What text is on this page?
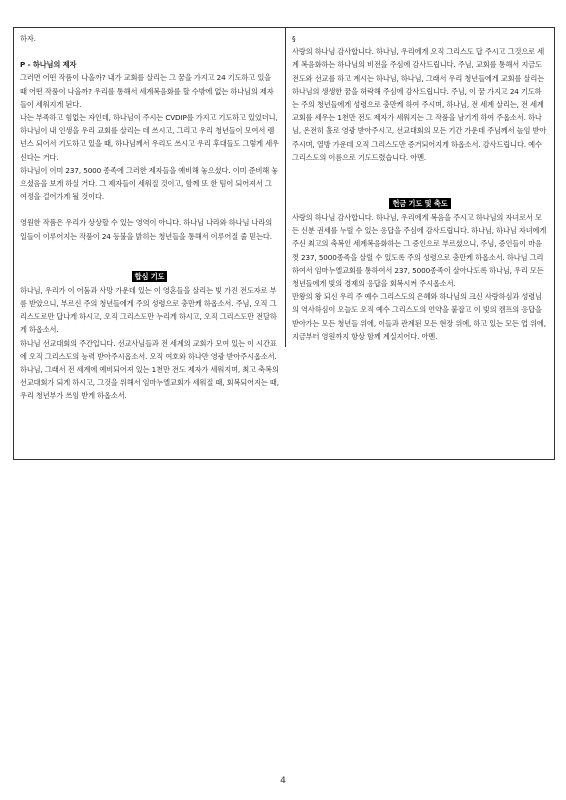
하자.

P - 하나님의 제자

그러면 어떤 작품이 나올까? 내가 교회를 살리는 그 꿈을 가지고 24 기도하고 있을 때 어떤 작품이 나올까? 우리를 통해서 세계복음화를 할 수밖에 없는 하나님의 제자들이 세워지게 된다.

나는 부족하고 힘없는 자인데, 하나님이 주시는 CVDIP를 가지고 기도하고 있었더니, 하나님이 내 인생을 우리 교회를 살리는 데 쓰시고, 그리고 우리 청년들이 모여서 렘넌스 되어서 기도하고 있을 때, 하나님께서 우리도 쓰시고 우리 후대들도 그렇게 세우신다는 거다.

하나님이 이미 237, 5000 종족에 그러한 제자들을 예비해 놓으셨다. 이미 준비해 놓으셨음을 보게 하실 거다. 그 제자들이 세워질 것이고, 함께 또 한 팀이 되어져서 그 여정을 걸어가게 될 것이다.

영원한 작품은 우리가 상상할 수 있는 영역이 아니다. 하나님 나라와 하나님 나라의 일들이 이루어지는 작품이 24 등불을 밝히는 청년들을 통해서 이루어질 줄 믿는다.

합심 기도

하나님, 우리가 이 어둠과 사망 가운데 있는 이 영혼들을 살리는 빛 가진 전도자로 부름 받았으니, 부르신 주의 청년들에게 주의 성령으로 충만케 하옵소서. 주님, 오직 그리스도로만 답나게 하시고, 오직 그리스도만 누리게 하시고, 오직 그리스도만 전달하게 하옵소서.

하나님 선교대회의 주간입니다. 선교사님들과 전 세계의 교회가 모여 있는 이 시간표에 오직 그리스도의 능력 받아주시옵소서. 오직 여호와 하나만 영광 받아주시옵소서. 하나님, 그래서 전 세계에 예비되어져 있는 1천만 전도 제자가 세워지며, 최고 축복의 선교대회가 되게 하시고, 그것을 위해서 임마누엘교회가 세워질 때, 회복되어지는 때, 우리 청년부가 쓰임 받게 하옵소서.

§

사랑의 하나님 감사합니다. 하나님, 우리에게 오직 그리스도 답 주시고 그것으로 세계 복음화하는 하나님의 비전을 주심에 감사드립니다. 주님, 교회를 통해서 지금도 전도와 선교를 하고 계시는 하나님, 하나님, 그래서 우리 청년들에게 교회를 살리는 하나님의 생생한 꿈을 허락해 주심에 감사드립니다. 주님, 이 꿈 가지고 24 기도하는 주의 청년들에게 성령으로 충만케 하여 주시며, 하나님, 전 세계 살리는, 전 세계 교회를 세우는 1천만 전도 제자가 세워지는 그 작품을 남기게 하여 주옵소서. 하나님, 온전히 홀로 영광 받아주시고, 선교대회의 모든 기간 가운데 주님께서 높임 받아주시며, 열방 가운데 오직 그리스도만 증거되어지게 하옵소서. 감사드립니다. 예수 그리스도의 이름으로 기도드렸습니다. 아멘.

헌금 기도 및 축도

사랑의 하나님 감사합니다. 하나님, 우리에게 복음을 주시고 하나님의 자녀로서 모든 신분 권세를 누릴 수 있는 응답을 주심에 감사드립니다. 하나님, 하나님 자녀에게 주신 최고의 축복인 세계복음화하는 그 증인으로 부르셨으니, 주님, 증인들이 마음껏 237, 5000종족을 살릴 수 있도록 주의 성령으로 충만케 하옵소서. 하나님 그리하여서 임마누엘교회를 통하여서 237, 5000종족이 살아나도록 하나님, 우리 모든 청년들에게 빛의 경제의 응답을 회복시켜 주시옵소서.

만왕의 왕 되신 우리 주 예수 그리스도의 은혜와 하나님의 크신 사랑하심과 성령님의 역사하심이 오늘도 오직 예수 그리스도의 언약을 붙잡고 이 빛의 캠프의 응답을 받아가는 모든 청년들 위에, 이들과 관계된 모든 현장 위에, 하고 있는 모든 업 위에, 지금부터 영원까지 항상 함께 계실지어다. 아멘.

4
